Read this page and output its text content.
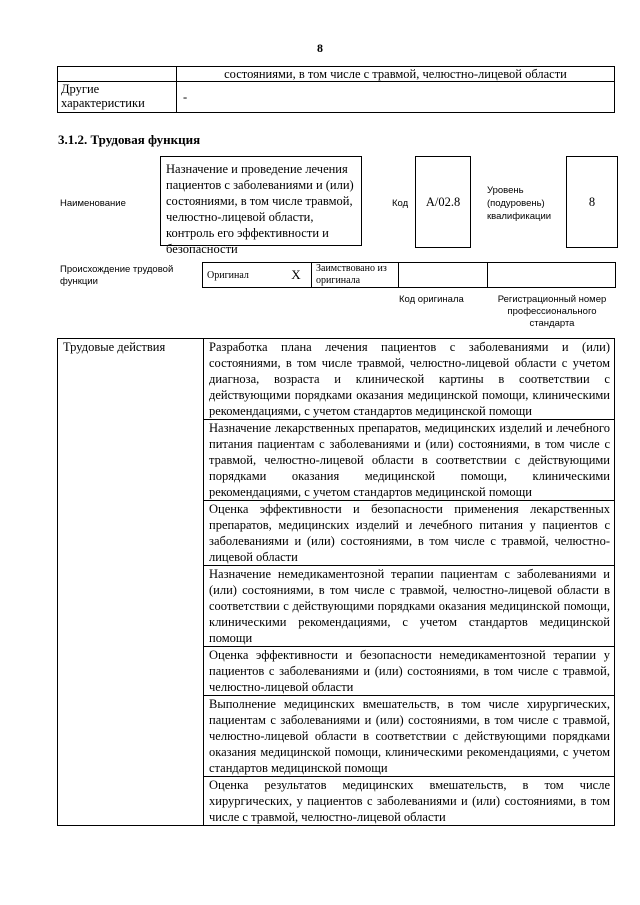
8
	состояниями, в том числе с травмой, челюстно-лицевой области
Другие характеристики	-
3.1.2. Трудовая функция
Наименование
Назначение и проведение лечения пациентов с заболеваниями и (или) состояниями, в том числе травмой, челюстно-лицевой области, контроль его эффективности и безопасности
Код	А/02.8
Уровень (подуровень) квалификации
8
Происхождение трудовой функции
Оригинал	X	Заимствовано из оригинала		
Код оригинала	Регистрационный номер профессионального стандарта
Трудовые действия	Разработка плана лечения пациентов с заболеваниями и (или) состояниями, в том числе травмой, челюстно-лицевой области с учетом диагноза, возраста и клинической картины в соответствии с действующими порядками оказания медицинской помощи, клиническими рекомендациями, с учетом стандартов медицинской помощи
Назначение лекарственных препаратов, медицинских изделий и лечебного питания пациентам с заболеваниями и (или) состояниями, в том числе с травмой, челюстно-лицевой области в соответствии с действующими порядками оказания медицинской помощи, клиническими рекомендациями, с учетом стандартов медицинской помощи
Оценка эффективности и безопасности применения лекарственных препаратов, медицинских изделий и лечебного питания у пациентов с заболеваниями и (или) состояниями, в том числе с травмой, челюстно-лицевой области
Назначение немедикаментозной терапии пациентам с заболеваниями и (или) состояниями, в том числе с травмой, челюстно-лицевой области в соответствии с действующими порядками оказания медицинской помощи, клиническими рекомендациями, с учетом стандартов медицинской помощи
Оценка эффективности и безопасности немедикаментозной терапии у пациентов с заболеваниями и (или) состояниями, в том числе с травмой, челюстно-лицевой области
Выполнение медицинских вмешательств, в том числе хирургических, пациентам с заболеваниями и (или) состояниями, в том числе с травмой, челюстно-лицевой области в соответствии с действующими порядками оказания медицинской помощи, клиническими рекомендациями, с учетом стандартов медицинской помощи
Оценка результатов медицинских вмешательств, в том числе хирургических, у пациентов с заболеваниями и (или) состояниями, в том числе с травмой, челюстно-лицевой области
